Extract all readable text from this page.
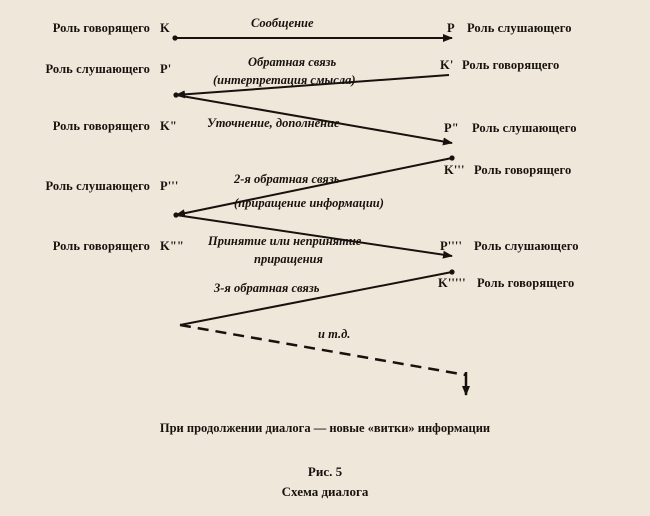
Роль говорящего K
Роль слушающего P'
Роль говорящего K"
Роль слушающего P'''
Роль говорящего K""
P Роль слушающего
K' Роль говорящего
P" Роль слушающего
K''' Роль говорящего
P'''' Роль слушающего
K''''' Роль говорящего
Сообщение
Обратная связь
(интерпретация смысла)
Уточнение, дополнение
2-я обратная связь
(приращение информации)
Принятие или непринятие
приращения
3-я обратная связь
и т.д.
При продолжении диалога — новые «витки» информации
Рис. 5
Схема диалога
